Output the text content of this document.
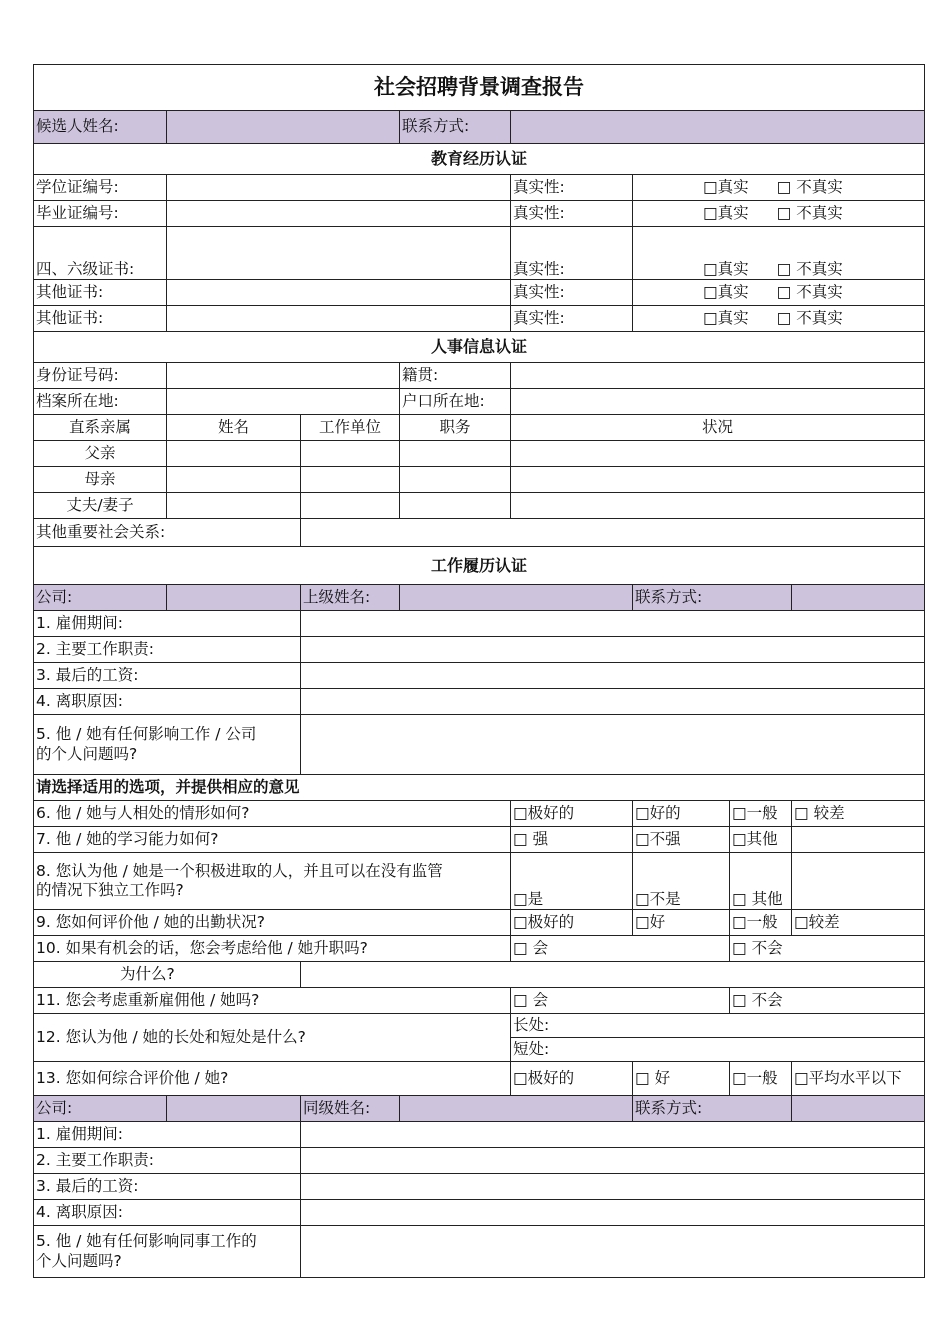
社会招聘背景调查报告							
候选人姓名:			联系方式:				
教育经历认证							
学位证编号:				真实性:	□真实 □ 不真实		
毕业证编号:				真实性:	□真实 □ 不真实		
四、六级证书:				真实性:	□真实 □ 不真实		
其他证书:				真实性:	□真实 □ 不真实		
其他证书:				真实性:	□真实 □ 不真实		
人事信息认证							
身份证号码:			籍贯:				
档案所在地:			户口所在地:				
直系亲属	姓名	工作单位	职务	状况			
父亲							
母亲							
丈夫/妻子							
其他重要社会关系:							
工作履历认证							
公司:		上级姓名:			联系方式:		
1. 雇佣期间:							
2. 主要工作职责:							
3. 最后的工资:							
4. 离职原因:							

5. 他 / 她有任何影响工作 / 公司
的个人问题吗?							

请选择适用的选项，并提供相应的意见							
6. 他 / 她与人相处的情形如何?				□极好的	□好的	□一般	□ 较差
7. 他 / 她的学习能力如何?				□ 强	□不强	□其他	

8. 您认为他 / 她是一个积极进取的人，并且可以在没有监管
的情况下独立工作吗?				□是	□不是	□ 其他	
9. 您如何评价他 / 她的出勤状况?				□极好的	□好	□一般	□较差
10. 如果有机会的话，您会考虑给他 / 她升职吗?				□ 会		□ 不会	
为什么?							
11. 您会考虑重新雇佣他 / 她吗?				□ 会		□ 不会	
12. 您认为他 / 她的长处和短处是什么?				长处:			
				短处:			
13. 您如何综合评价他 / 她?				□极好的	□ 好	□一般	□平均水平以下
公司:		同级姓名:			联系方式:		
1. 雇佣期间:							
2. 主要工作职责:							
3. 最后的工资:							
4. 离职原因:							

5. 他 / 她有任何影响同事工作的
个人问题吗?							
